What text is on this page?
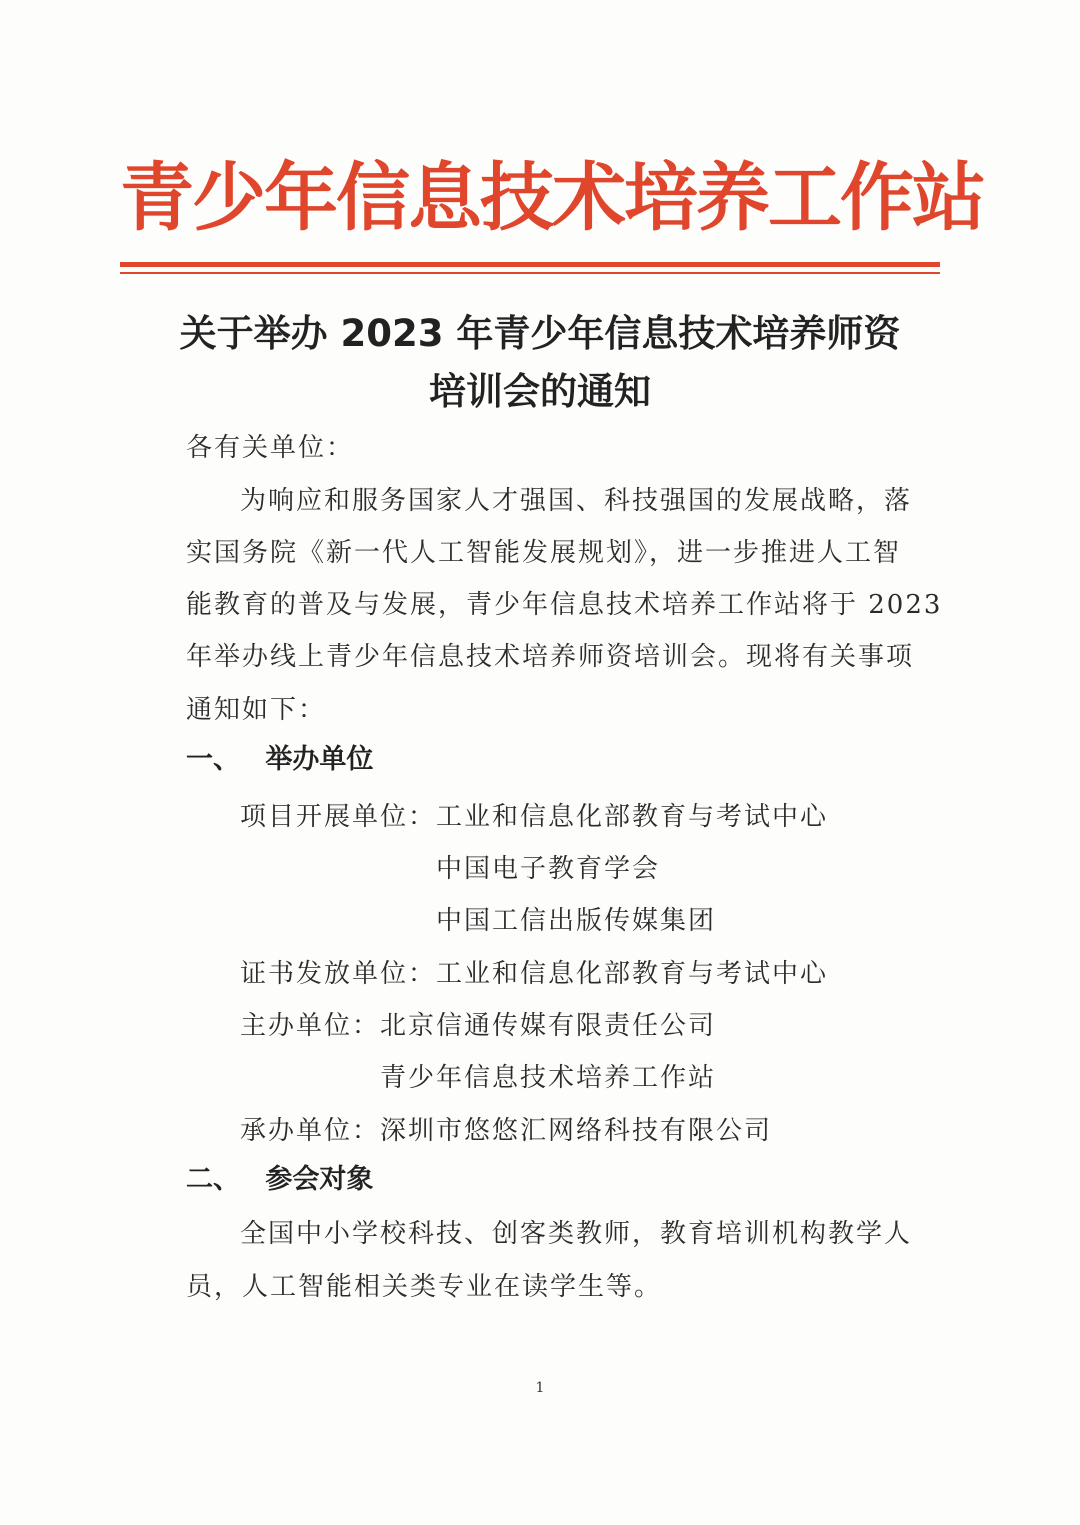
青少年信息技术培养工作站
关于举办 2023 年青少年信息技术培养师资
培训会的通知
各有关单位：
为响应和服务国家人才强国、科技强国的发展战略，落
实国务院《新一代人工智能发展规划》，进一步推进人工智
能教育的普及与发展，青少年信息技术培养工作站将于 2023
年举办线上青少年信息技术培养师资培训会。现将有关事项
通知如下：
一、 举办单位
项目开展单位：工业和信息化部教育与考试中心
中国电子教育学会
中国工信出版传媒集团
证书发放单位：工业和信息化部教育与考试中心
主办单位：北京信通传媒有限责任公司
青少年信息技术培养工作站
承办单位：深圳市悠悠汇网络科技有限公司
二、 参会对象
全国中小学校科技、创客类教师，教育培训机构教学人
员，人工智能相关类专业在读学生等。
1
